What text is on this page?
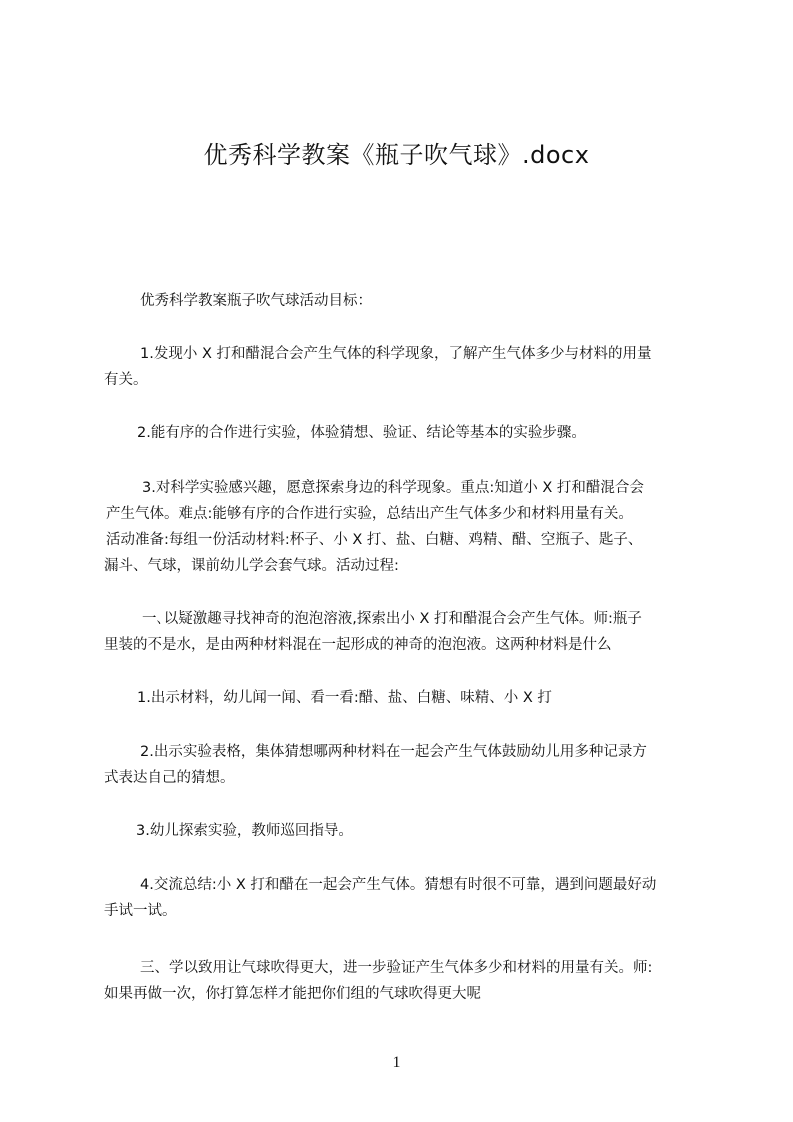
优秀科学教案《瓶子吹气球》.docx
优秀科学教案瓶子吹气球活动目标：
1.发现小 X 打和醋混合会产生气体的科学现象，了解产生气体多少与材料的用量
有关。
2.能有序的合作进行实验，体验猜想、验证、结论等基本的实验步骤。
3.对科学实验感兴趣，愿意探索身边的科学现象。重点:知道小 X 打和醋混合会
产生气体。难点:能够有序的合作进行实验，总结出产生气体多少和材料用量有关。
活动准备:每组一份活动材料:杯子、小 X 打、盐、白糖、鸡精、醋、空瓶子、匙子、
漏斗、气球，课前幼儿学会套气球。活动过程:
一､以疑激趣寻找神奇的泡泡溶液,探索出小 X 打和醋混合会产生气体。师:瓶子
里装的不是水，是由两种材料混在一起形成的神奇的泡泡液。这两种材料是什么
1.出示材料，幼儿闻一闻、看一看:醋、盐、白糖、味精、小 X 打
2.出示实验表格，集体猜想哪两种材料在一起会产生气体鼓励幼儿用多种记录方
式表达自己的猜想。
3.幼儿探索实验，教师巡回指导。
4.交流总结:小 X 打和醋在一起会产生气体。猜想有时很不可靠，遇到问题最好动
手试一试。
三、学以致用让气球吹得更大，进一步验证产生气体多少和材料的用量有关。师:
如果再做一次，你打算怎样才能把你们组的气球吹得更大呢
1
